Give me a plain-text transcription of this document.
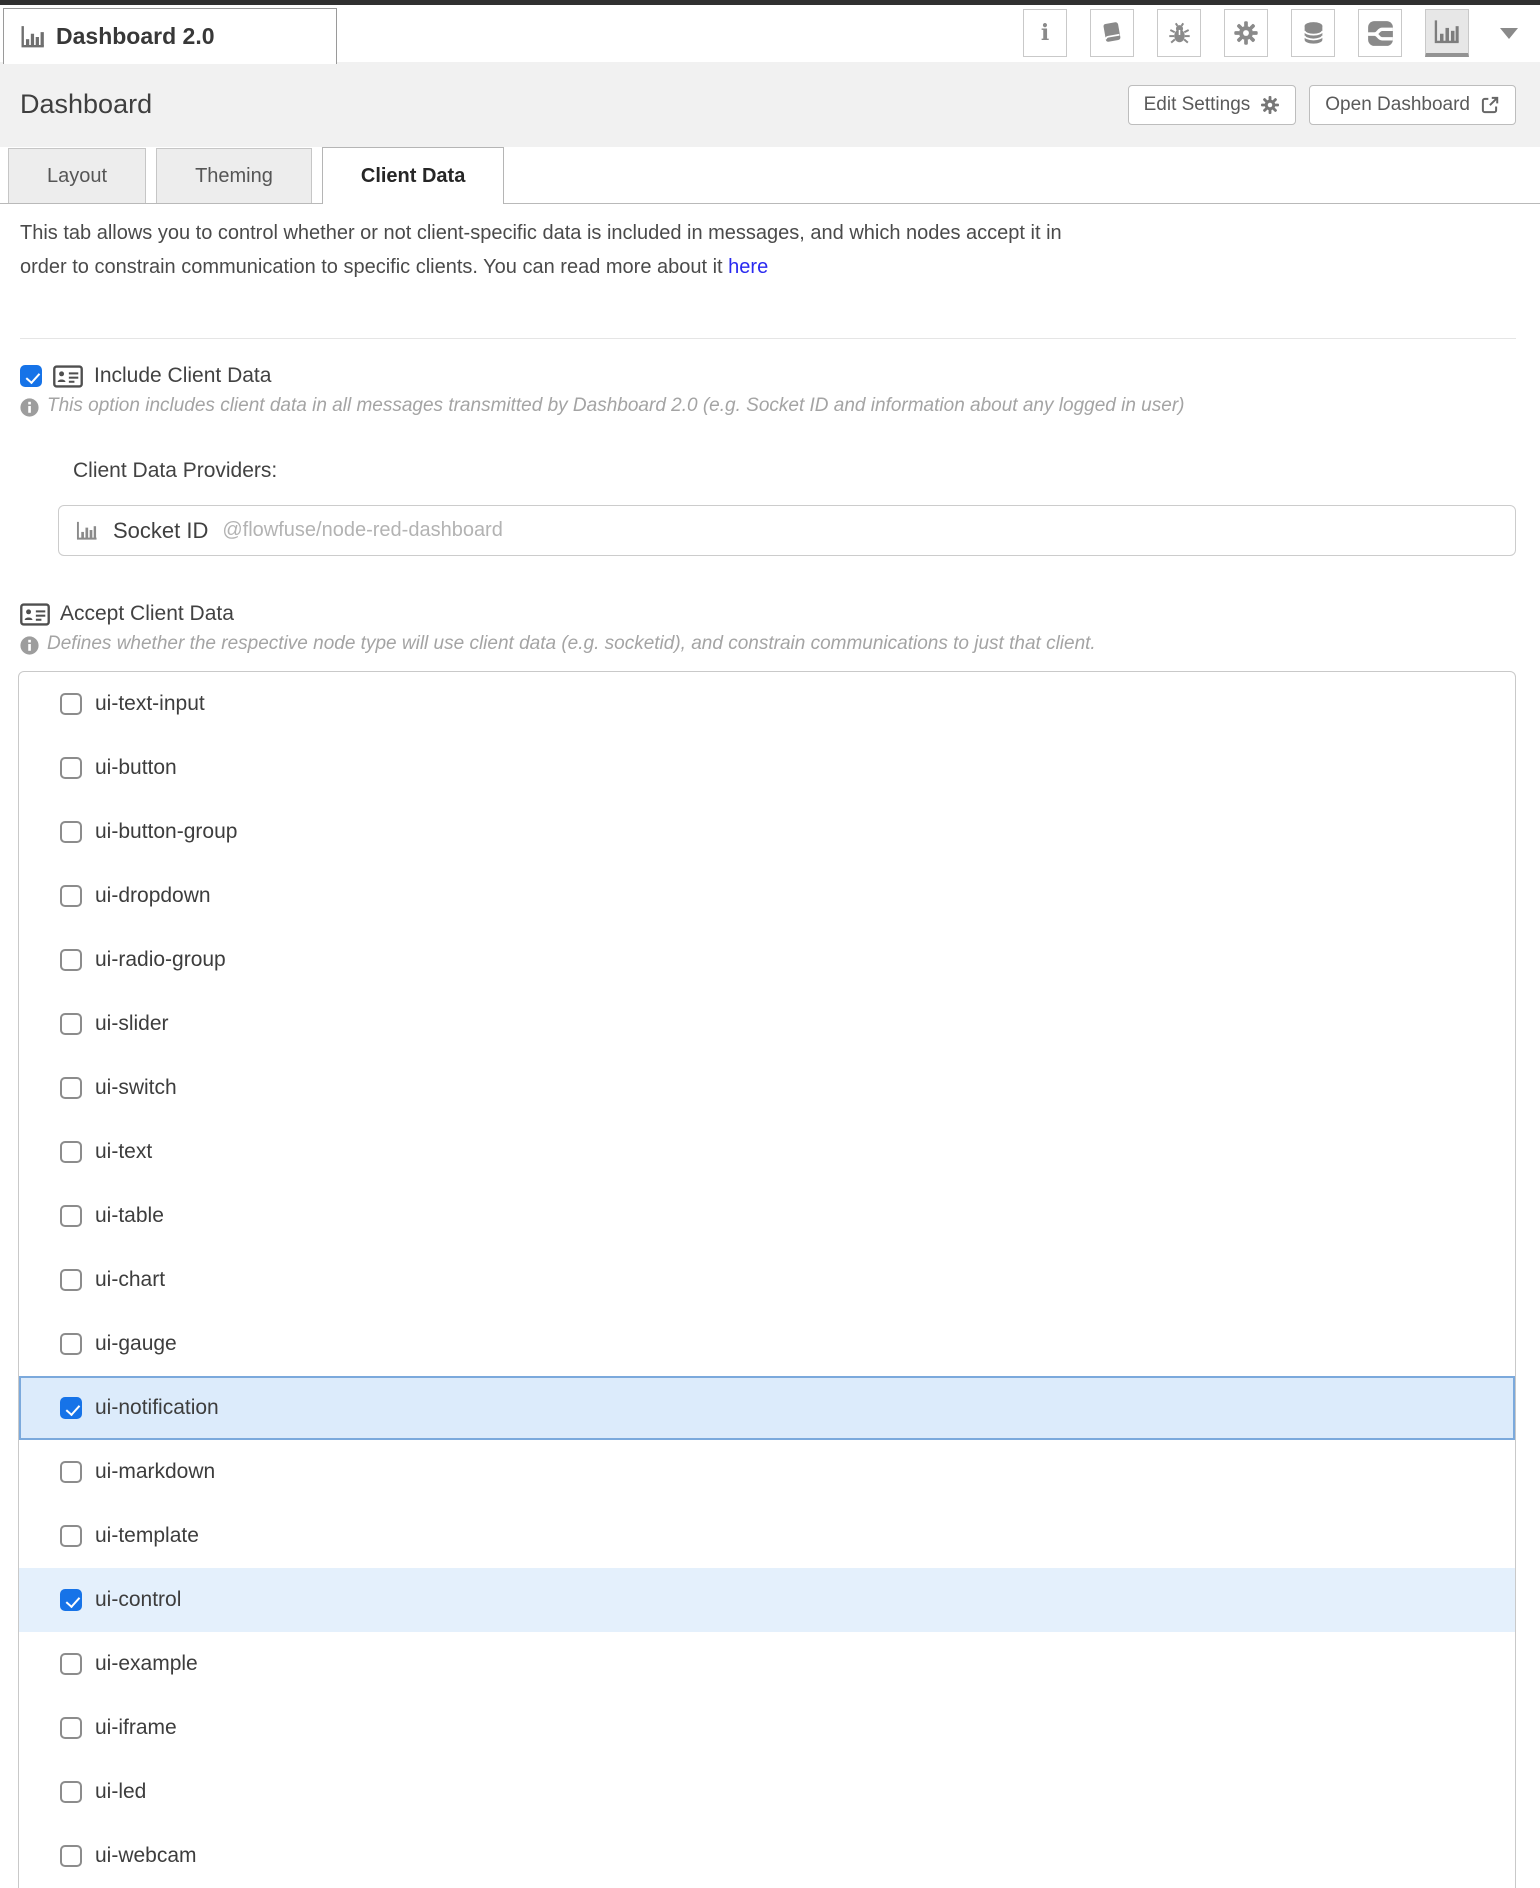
Dashboard 2.0	i
Dashboard	Edit Settings	Open Dashboard
Layout	Theming	Client Data

This tab allows you to control whether or not client-specific data is included in messages, and which nodes accept it in
order to constrain communication to specific clients. You can read more about it here

Include Client Data
This option includes client data in all messages transmitted by Dashboard 2.0 (e.g. Socket ID and information about any logged in user)
Client Data Providers:
Socket ID @flowfuse/node-red-dashboard
Accept Client Data
Defines whether the respective node type will use client data (e.g. socketid), and constrain communications to just that client.
ui-text-input
ui-button
ui-button-group
ui-dropdown
ui-radio-group
ui-slider
ui-switch
ui-text
ui-table
ui-chart
ui-gauge
ui-notification
ui-markdown
ui-template
ui-control
ui-example
ui-iframe
ui-led
ui-webcam
